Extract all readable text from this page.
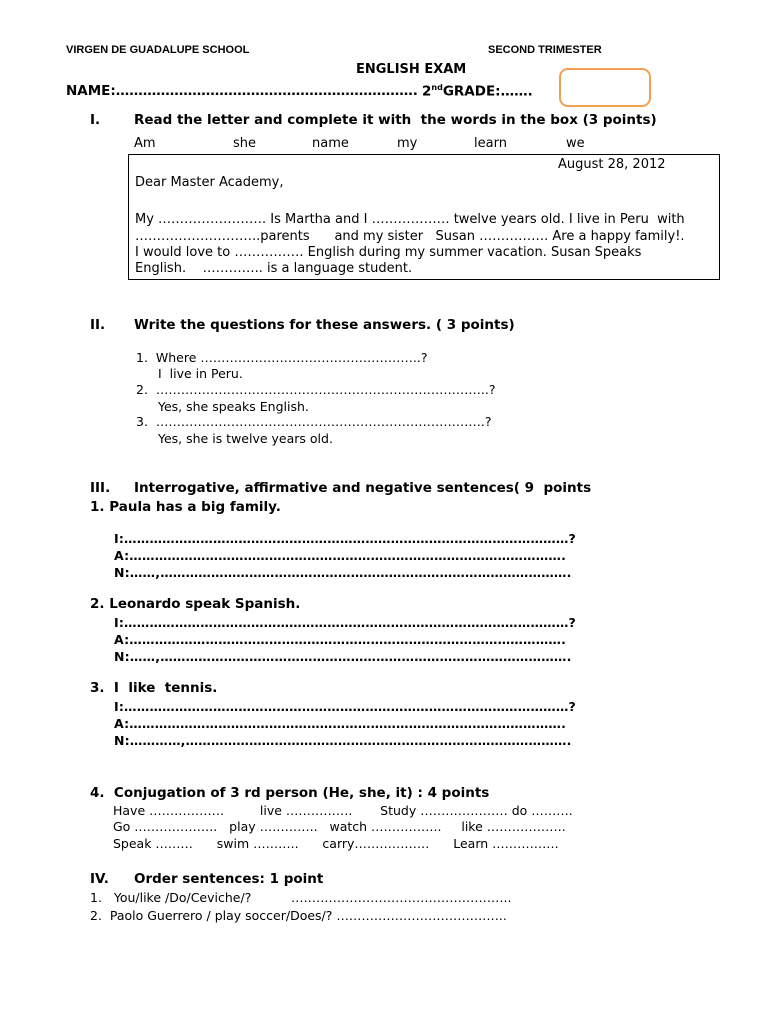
VIRGEN DE GUADALUPE SCHOOL	SECOND TRIMESTER
ENGLISH EXAM
NAME:…………………………………………………………. 2ndGRADE:…….
I.	Read the letter and complete it with  the words in the box (3 points)
Am	she	name	my	learn	we
August 28, 2012
Dear Master Academy,
My ……………………. Is Martha and I ……………… twelve years old. I live in Peru  with
………………………..parents      and my sister   Susan ……………. Are a happy family!.
I would love to ……………. English during my summer vacation. Susan Speaks
English.    ………….. is a language student.
II. Write the questions for these answers. ( 3 points)
1.  Where ……………………………………………..?
I  live in Peru.
2.  ……………………………………………………………………..?
Yes, she speaks English.
3.  …………………………………………………………………….?
Yes, she is twelve years old.
III. Interrogative, affirmative and negative sentences( 9  points
1. Paula has a big family.
I:……………………………………………………………………………………………?
A:………………………………………………………………………………………….
N:……,…………………………………………………………………………………….
2. Leonardo speak Spanish.
I:……………………………………………………………………………………………?
A:………………………………………………………………………………………….
N:……,…………………………………………………………………………………….
3.  I  like  tennis.
I:……………………………………………………………………………………………?
A:………………………………………………………………………………………….
N:…………,……………………………………………………………………………….
4.  Conjugation of 3 rd person (He, she, it) : 4 points
Have ………………         live …………….       Study ………………… do ……….
Go ………………..   play …………..   watch ……………..     like ……………….
Speak ………      swim ………..      carry………………      Learn …………….
IV. Order sentences: 1 point
1.   You/like /Do/Ceviche/?          ……………………………………………..
2.  Paolo Guerrero / play soccer/Does/? …………………………………..
